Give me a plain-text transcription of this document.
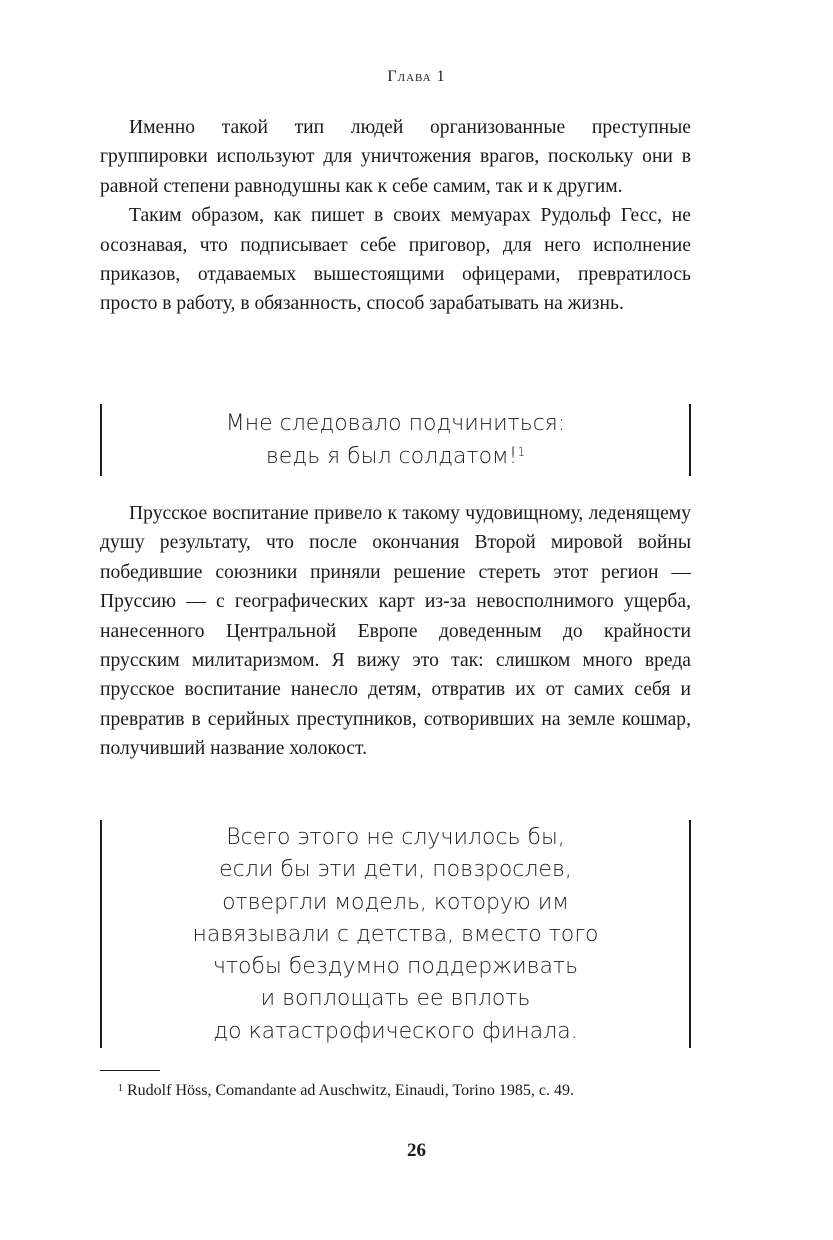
Глава 1

Именно такой тип людей организованные преступные группировки используют для уничтожения врагов, поскольку они в равной степени равнодушны как к себе самим, так и к другим.

Таким образом, как пишет в своих мемуарах Рудольф Гесс, не осознавая, что подписывает себе приговор, для него исполнение приказов, отдаваемых вышестоящими офицерами, превратилось просто в работу, в обязанность, способ зарабатывать на жизнь.

Мне следовало подчиниться:
ведь я был солдатом!$^1$

Прусское воспитание привело к такому чудовищному, леденящему душу результату, что после окончания Второй мировой войны победившие союзники приняли решение стереть этот регион — Пруссию — с географических карт из-за невосполнимого ущерба, нанесенного Центральной Европе доведенным до крайности прусским милитаризмом. Я вижу это так: слишком много вреда прусское воспитание нанесло детям, отвратив их от самих себя и превратив в серийных преступников, сотворивших на земле кошмар, получивший название холокост.

Всего этого не случилось бы,
если бы эти дети, повзрослев,
отвергли модель, которую им
навязывали с детства, вместо того
чтобы бездумно поддерживать
и воплощать ее вплоть
до катастрофического финала.
$^1$ Rudolf Höss, Comandante ad Auschwitz, Einaudi, Torino 1985, с. 49.
26
